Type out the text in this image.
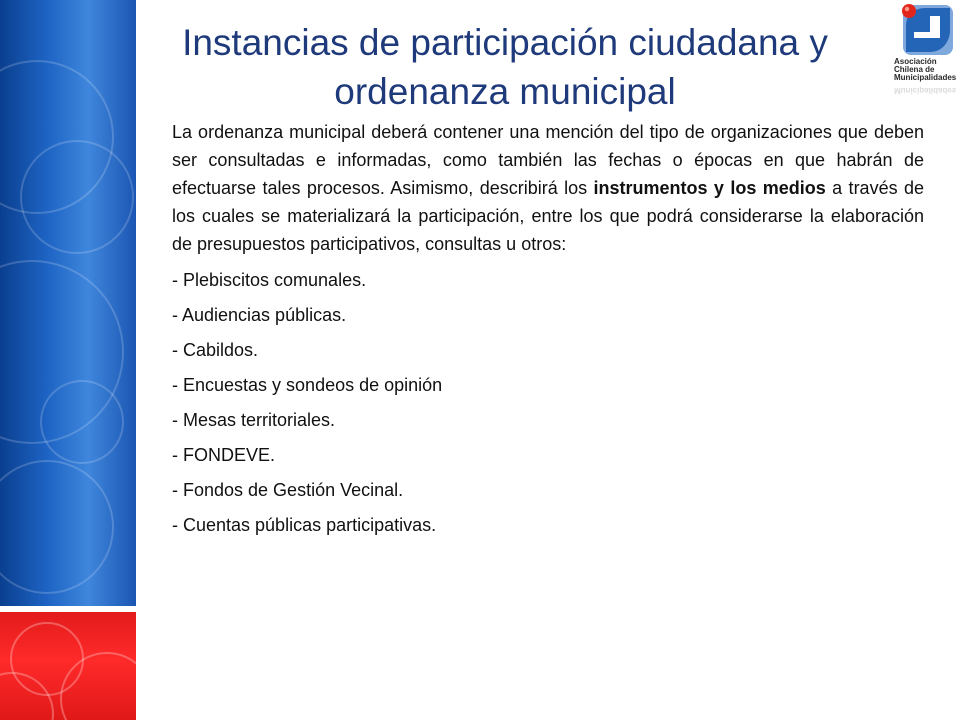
Instancias de participación ciudadana y
ordenanza municipal
Asociación
Chilena de
Municipalidades
Municipalidades

La ordenanza municipal deberá contener una mención del tipo de organizaciones que deben ser consultadas e informadas, como también las fechas o épocas en que habrán de efectuarse tales procesos. Asimismo, describirá los instrumentos y los medios a través de los cuales se materializará la participación, entre los que podrá considerarse la elaboración de presupuestos participativos, consultas u otros:

- Plebiscitos comunales.
- Audiencias públicas.
- Cabildos.
- Encuestas y sondeos de opinión
- Mesas territoriales.
- FONDEVE.
- Fondos de Gestión Vecinal.
- Cuentas públicas participativas.
